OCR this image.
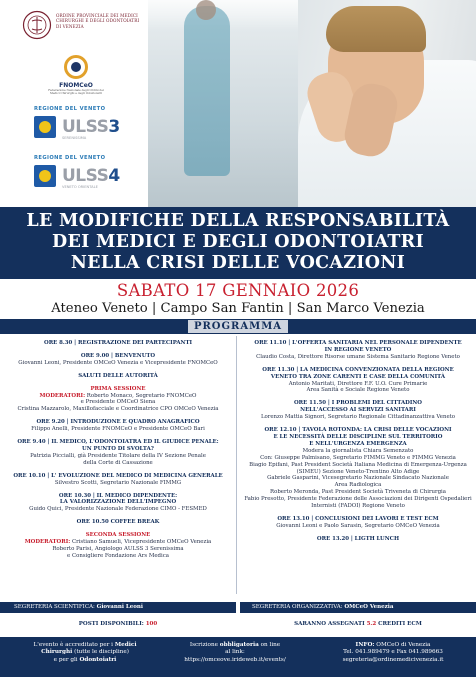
ORDINE PROVINCIALE DEI MEDICI CHIRURGHI E DEGLI ODONTOIATRI DI VENEZIA
FNOMCeO
Federazione Nazionale degli Ordini dei Medici Chirurghi e degli Odontoiatri
REGIONE DEL VENETO
ULSS3
SERENISSIMA
REGIONE DEL VENETO
ULSS4
VENETO ORIENTALE
LE MODIFICHE DELLA RESPONSABILITÀ
DEI MEDICI E DEGLI ODONTOIATRI
NELLA CRISI DELLE VOCAZIONI
SABATO 17 GENNAIO 2026
Ateneo Veneto | Campo San Fantin | San Marco Venezia
PROGRAMMA
ORE 8.30 | REGISTRAZIONE DEI PARTECIPANTI
ORE 9.00 | BENVENUTO
Giovanni Leoni, Presidente OMCeO Venezia e Vicepresidente FNOMCeO
SALUTI DELLE AUTORITÀ
PRIMA SESSIONE
MODERATORI: Roberto Monaco, Segretario FNOMCeO
e Presidente OMCeO Siena
Cristina Mazzarolo, Maxillofacciale e Coordinatrice CPO OMCeO Venezia
ORE 9.20 | INTRODUZIONE E QUADRO ANAGRAFICO
Filippo Anelli, Presidente FNOMCeO e Presidente OMCeO Bari
ORE 9.40 | IL MEDICO, L'ODONTOIATRA ED IL GIUDICE PENALE:
UN PUNTO DI SVOLTA?
Patrizia Piccialli, già Presidente Titolare della IV Sezione Penale
della Corte di Cassazione
ORE 10.10 | L' EVOLUZIONE DEL MEDICO DI MEDICINA GENERALE
Silvestro Scotti, Segretario Nazionale FIMMG
ORE 10.30 | IL MEDICO DIPENDENTE:
LA VALORIZZAZIONE DELL'IMPEGNO
Guido Quici, Presidente Nazionale Federazione CIMO - FESMED
ORE 10.50 COFFEE BREAK
SECONDA SESSIONE
MODERATORI: Cristiano Samueli, Vicepresidente OMCeO Venezia
Roberto Parisi, Angiologo AULSS 3 Serenissima
e Consigliere Fondazione Ars Medica
ORE 11.10 | L'OFFERTA SANITARIA NEL PERSONALE DIPENDENTE
IN REGIONE VENETO
Claudio Costa, Direttore Risorse umane Sistema Sanitario Regione Veneto
ORE 11.30 | LA MEDICINA CONVENZIONATA DELLA REGIONE
VENETO TRA ZONE CARENTI E CASE DELLA COMUNITÀ
Antonio Maritati, Direttore F.F. U.O. Cure Primarie
Area Sanità e Sociale Regione Veneto
ORE 11.50 | I PROBLEMI DEL CITTADINO
NELL'ACCESSO AI SERVIZI SANITARI
Lorenzo Mattia Signori, Segretario Regionale Cittadinanzattiva Veneto
ORE 12.10 | TAVOLA ROTONDA: LA CRISI DELLE VOCAZIONI
E LE NECESSITÀ DELLE DISCIPLINE SUL TERRITORIO
E NELL'URGENZA EMERGENZA
Modera la giornalista Chiara Semenzato
Con: Giuseppe Palmisano, Segretario FIMMG Veneto e FIMMG Venezia
Biagio Epifani, Past President Società Italiana Medicina di Emergenza-Urgenza
(SIMEU) Sezione Veneto-Trentino Alto Adige
Gabriele Gasparini, Vicesegretario Nazionale Sindacato Nazionale
Area Radiologica
Roberto Meronda, Past President Società Triveneta di Chirurgia
Fabio Presotto, Presidente Federazione delle Associazioni dei Dirigenti Ospedalieri
Internisti (FADOI) Regione Veneto
ORE 13.10 | CONCLUSIONI DEI LAVORI E TEST ECM
Giovanni Leoni e Paolo Sarasin, Segretario OMCeO Venezia
ORE 13.20 | LIGTH LUNCH
SEGRETERIA SCIENTIFICA: Giovanni Leoni	SEGRETERIA ORGANIZZATIVA: OMCeO Venezia
POSTI DISPONIBILI: 100	SARANNO ASSEGNATI 5.2 CREDITI ECM
L'evento è accreditato per i Medici
Chirurghi (tutte le discipline)
e per gli Odontoiatri
Iscrizione obbligatoria on line
al link:
https://omceove.irideweb.it/events/
INFO: OMCeO di Venezia
Tel. 041.989479 e Fax 041.989663
segreteria@ordinemedicivenezia.it
